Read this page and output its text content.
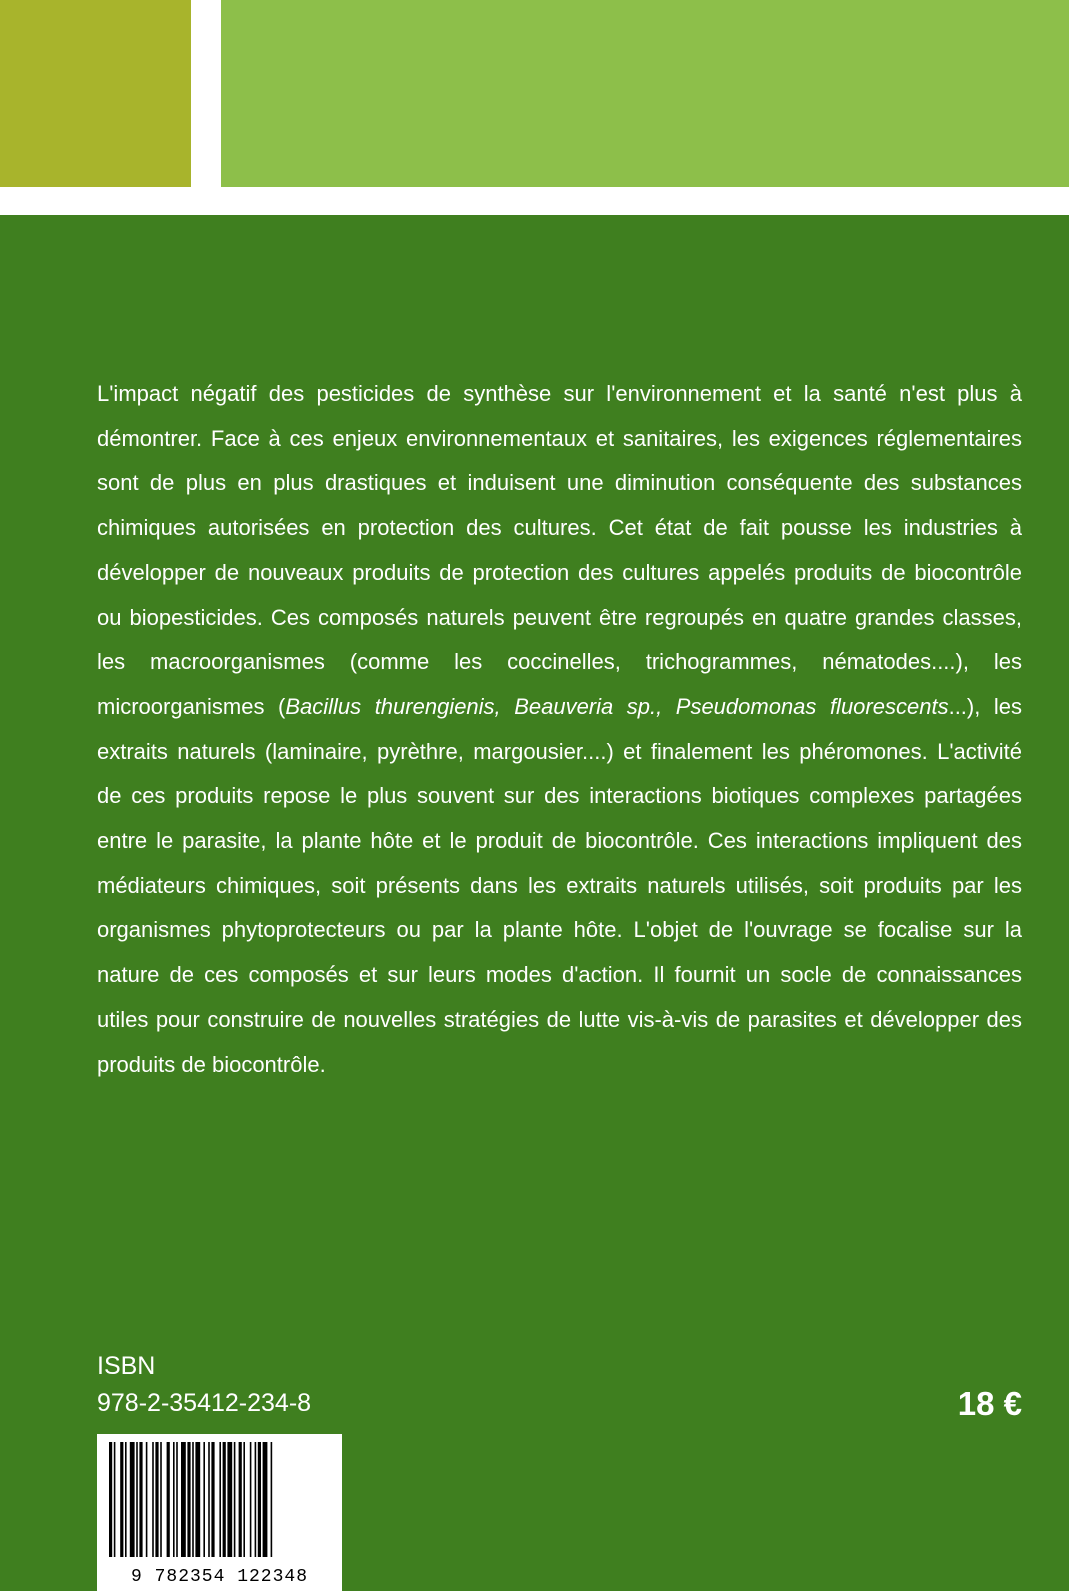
L'impact négatif des pesticides de synthèse sur l'environnement et la santé n'est plus à démontrer. Face à ces enjeux environnementaux et sanitaires, les exigences réglementaires sont de plus en plus drastiques et induisent une diminution conséquente des substances chimiques autorisées en protection des cultures. Cet état de fait pousse les industries à développer de nouveaux produits de protection des cultures appelés produits de biocontrôle ou biopesticides. Ces composés naturels peuvent être regroupés en quatre grandes classes, les macroorganismes (comme les coccinelles, trichogrammes, nématodes....), les microorganismes (Bacillus thurengienis, Beauveria sp., Pseudomonas fluorescents...), les extraits naturels (laminaire, pyrèthre, margousier....) et finalement les phéromones. L'activité de ces produits repose le plus souvent sur des interactions biotiques complexes partagées entre le parasite, la plante hôte et le produit de biocontrôle. Ces interactions impliquent des médiateurs chimiques, soit présents dans les extraits naturels utilisés, soit produits par les organismes phytoprotecteurs ou par la plante hôte. L'objet de l'ouvrage se focalise sur la nature de ces composés et sur leurs modes d'action. Il fournit un socle de connaissances utiles pour construire de nouvelles stratégies de lutte vis-à-vis de parasites et développer des produits de biocontrôle.

ISBN

978-2-35412-234-8	18 €

9 782354 122348
